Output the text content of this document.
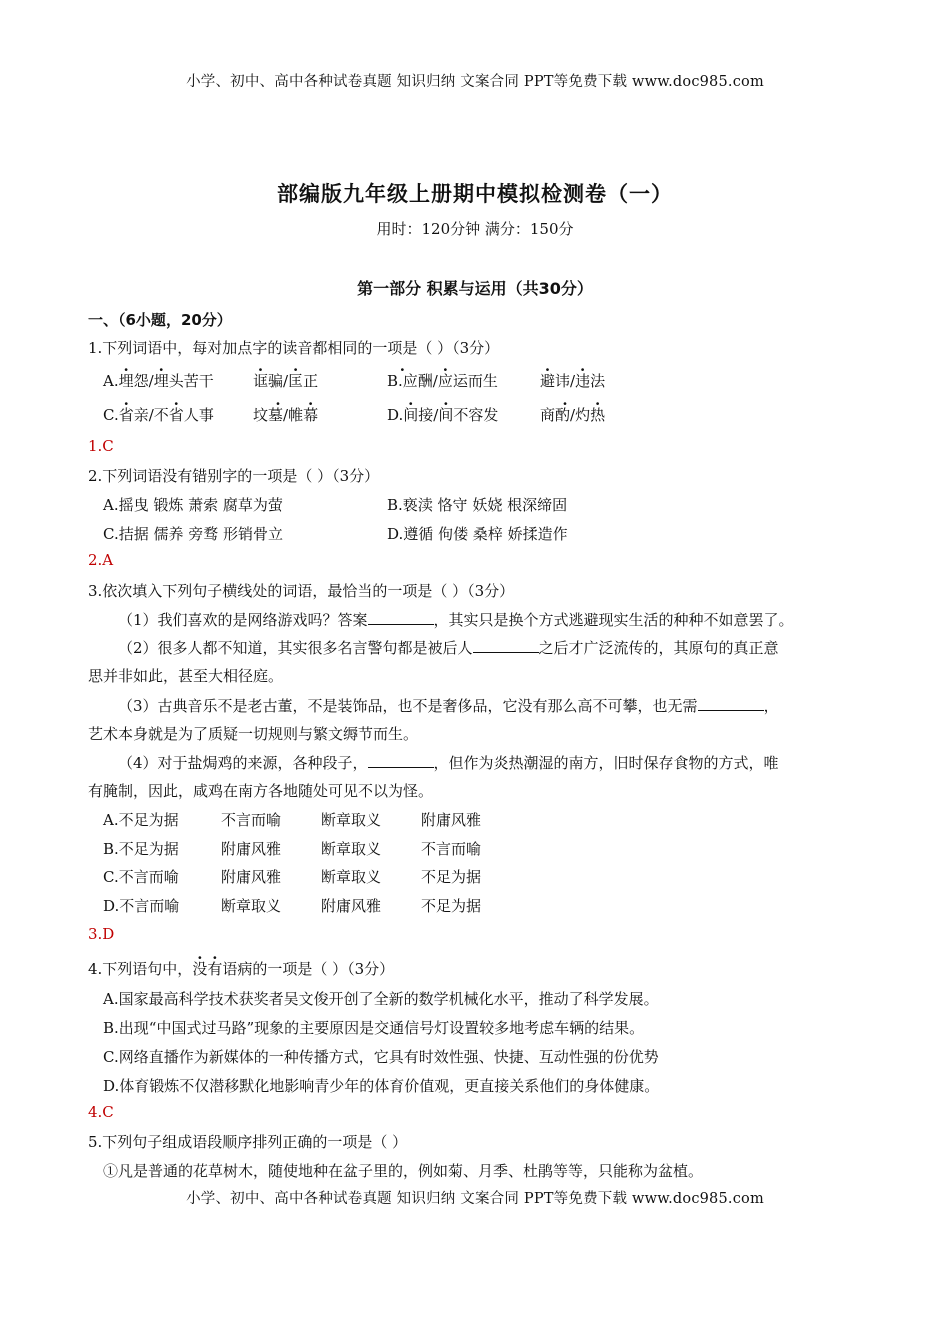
小学、初中、高中各种试卷真题 知识归纳 文案合同 PPT等免费下载 www.doc985.com
部编版九年级上册期中模拟检测卷（一）
用时：120分钟 满分：150分
第一部分 积累与运用（共30分）
一、（6小题，20分）
1.下列词语中，每对加点字的读音都相同的一项是（ ）（3分）
A.埋怨/埋头苦干	诓骗/匡正
.	B.应酬/应运而生	避讳/违法
C.省亲/不省人事	坟. 墓/帷幕	D.间接/间不容发	商. 酌/灼热
1.C
2.下列词语没有错别字的一项是（ ）（3分）
A.摇曳 锻炼 萧索 腐草为萤	B.亵渎 恪守 妖娆 根深缔固
C.拮据 儒养 旁骛 形销骨立	D.遵循 佝偻 桑梓 娇揉造作
2.A
3.依次填入下列句子横线处的词语，最恰当的一项是（ ）（3分）
（1）我们喜欢的是网络游戏吗？答案	，其实只是换个方式逃避现实生活的种种不如意罢了。
（2）很多人都不知道，其实很多名言警句都是被后人	之后才广泛流传的，其原句的真正意
思并非如此，甚至大相径庭。
（3）古典音乐不是老古董，不是装饰品，也不是奢侈品，它没有那么高不可攀，也无需	，
艺术本身就是为了质疑一切规则与繁文缛节而生。
（4）对于盐焗鸡的来源，各种段子，	，但作为炎热潮湿的南方，旧时保存食物的方式，唯
有腌制，因此，咸鸡在南方各地随处可见不以为怪。
A.不足为据	不言而喻	断章取义	附庸风雅
B.不足为据	附庸风雅	断章取义	不言而喻
C.不言而喻	附庸风雅	断章取义	不足为据
D.不言而喻	断章取义	附庸风雅	不足为据
3.D
4.下列语句中，没有语病的一项是（ ）（3分）
A.国家最高科学技术获奖者吴文俊开创了全新的数学机械化水平，推动了科学发展。
B.出现“中国式过马路”现象的主要原因是交通信号灯设置较多地考虑车辆的结果。
C.网络直播作为新媒体的一种传播方式，它具有时效性强、快捷、互动性强的份优势
D.体育锻炼不仅潜移默化地影响青少年的体育价值观，更直接关系他们的身体健康。
4.C
5.下列句子组成语段顺序排列正确的一项是（ ）
①凡是普通的花草树木，随使地种在盆子里的，例如菊、月季、杜鹃等等，只能称为盆植。
小学、初中、高中各种试卷真题 知识归纳 文案合同 PPT等免费下载 www.doc985.com
